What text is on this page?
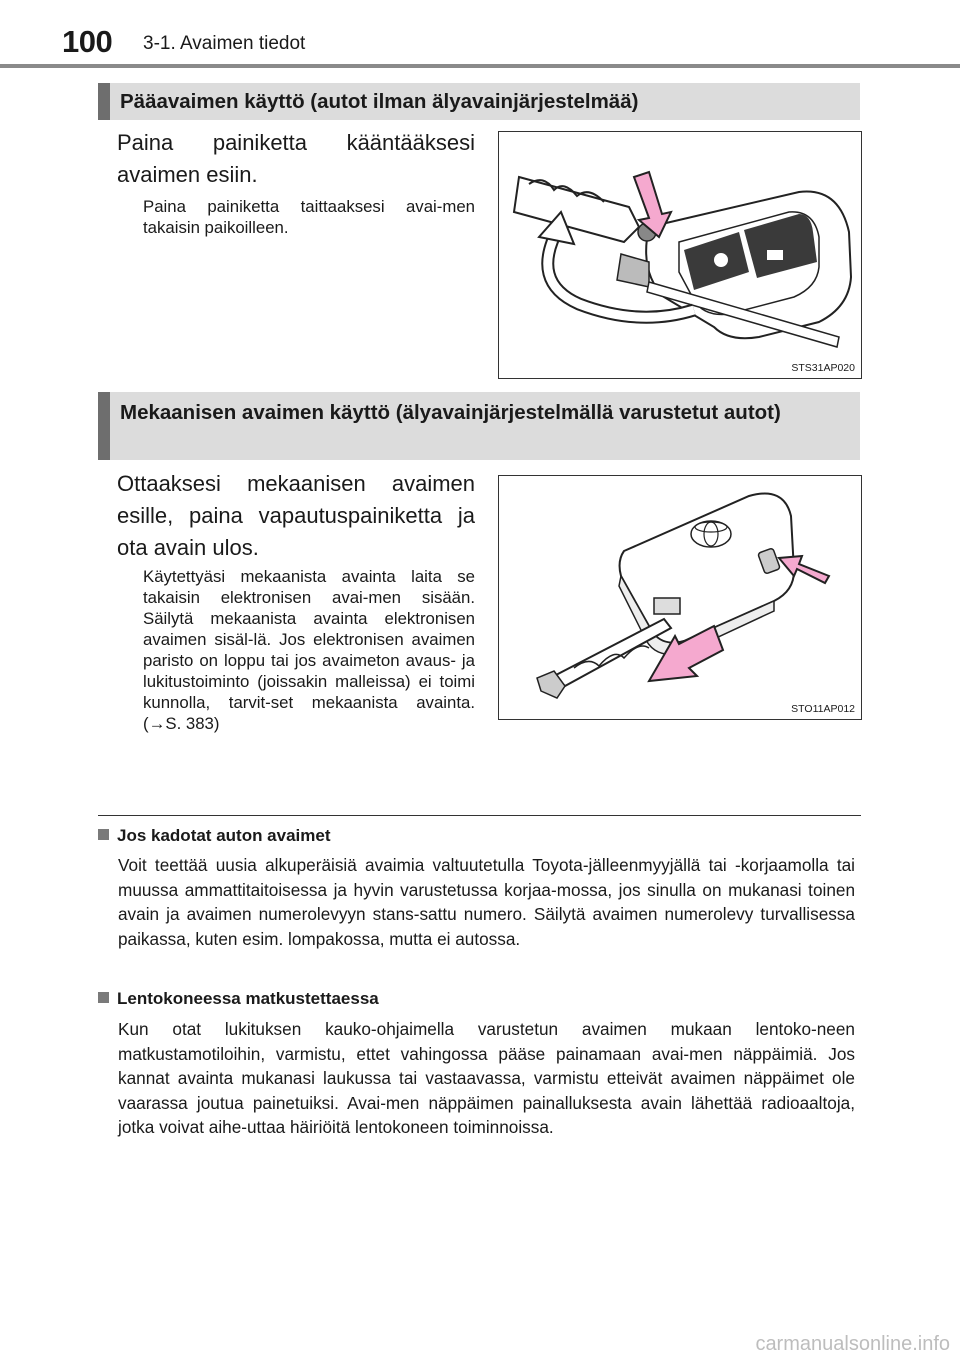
100 3-1. Avaimen tiedot
Pääavaimen käyttö (autot ilman älyavainjärjestelmää)
Paina painiketta kääntääksesi avaimen esiin.
Paina painiketta taittaaksesi avai-men takaisin paikoilleen.
STS31AP020
Mekaanisen avaimen käyttö (älyavainjärjestelmällä varustetut autot)
Ottaaksesi mekaanisen avaimen esille, paina vapautuspainiketta ja ota avain ulos.
Käytettyäsi mekaanista avainta laita se takaisin elektronisen avai-men sisään. Säilytä mekaanista avainta elektronisen avaimen sisäl-lä. Jos elektronisen avaimen paristo on loppu tai jos avaimeton avaus- ja lukitustoiminto (joissakin malleissa) ei toimi kunnolla, tarvit-set mekaanista avainta. (→S. 383)
STO11AP012
Jos kadotat auton avaimet
Voit teettää uusia alkuperäisiä avaimia valtuutetulla Toyota-jälleenmyyjällä tai -korjaamolla tai muussa ammattitaitoisessa ja hyvin varustetussa korjaa-mossa, jos sinulla on mukanasi toinen avain ja avaimen numerolevyyn stans-sattu numero. Säilytä avaimen numerolevy turvallisessa paikassa, kuten esim. lompakossa, mutta ei autossa.
Lentokoneessa matkustettaessa
Kun otat lukituksen kauko-ohjaimella varustetun avaimen mukaan lentoko-neen matkustamotiloihin, varmistu, ettet vahingossa pääse painamaan avai-men näppäimiä. Jos kannat avainta mukanasi laukussa tai vastaavassa, varmistu etteivät avaimen näppäimet ole vaarassa joutua painetuiksi. Avai-men näppäimen painalluksesta avain lähettää radioaaltoja, jotka voivat aihe-uttaa häiriöitä lentokoneen toiminnoissa.
carmanualsonline.info
